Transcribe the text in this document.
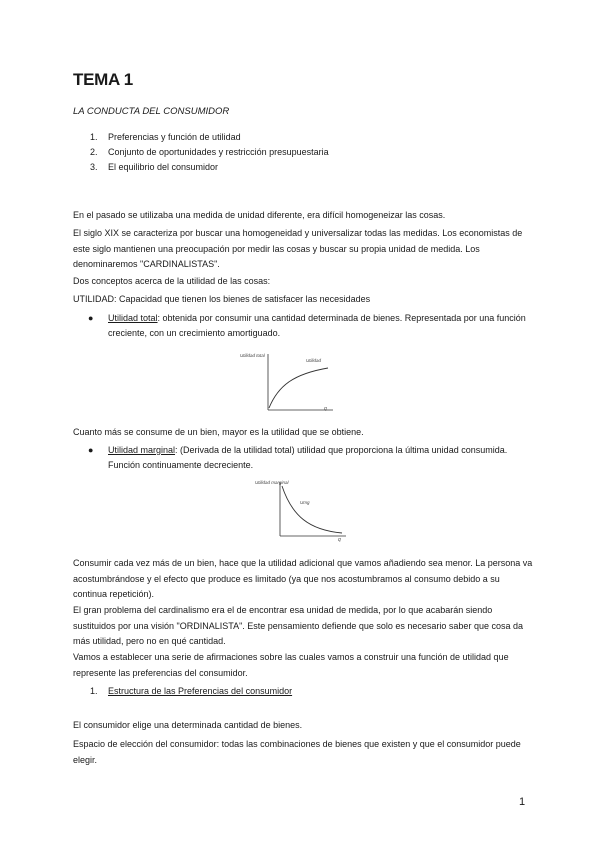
TEMA 1
LA CONDUCTA DEL CONSUMIDOR
1.	Preferencias y función de utilidad
2.	Conjunto de oportunidades y restricción presupuestaria
3.	El equilibrio del consumidor
En el pasado se utilizaba una medida de unidad diferente, era difícil homogeneizar las cosas.
El siglo XIX se caracteriza por buscar una homogeneidad y universalizar todas las medidas. Los economistas de este siglo mantienen una preocupación por medir las cosas y buscar su propia unidad de medida. Los denominaremos "CARDINALISTAS".
Dos conceptos acerca de la utilidad de las cosas:
UTILIDAD: Capacidad que tienen los bienes de satisfacer las necesidades
●	Utilidad total: obtenida por consumir una cantidad determinada de bienes. Representada por una función creciente, con un crecimiento amortiguado.
Utilidad total
Utilidad
q
Cuanto más se consume de un bien, mayor es la utilidad que se obtiene.
●	Utilidad marginal: (Derivada de la utilidad total) utilidad que proporciona la última unidad consumida. Función continuamente decreciente.
Utilidad marginal
Umg
q
Consumir cada vez más de un bien, hace que la utilidad adicional que vamos añadiendo sea menor. La persona va acostumbrándose y el efecto que produce es limitado (ya que nos acostumbramos al consumo debido a su continua repetición).
El gran problema del cardinalismo era el de encontrar esa unidad de medida, por lo que acabarán siendo sustituidos por una visión "ORDINALISTA". Este pensamiento defiende que solo es necesario saber que cosa da más utilidad, pero no en qué cantidad.
Vamos a establecer una serie de afirmaciones sobre las cuales vamos a construir una función de utilidad que represente las preferencias del consumidor.
1.	Estructura de las Preferencias del consumidor
El consumidor elige una determinada cantidad de bienes.
Espacio de elección del consumidor: todas las combinaciones de bienes que existen y que el consumidor puede elegir.
1
